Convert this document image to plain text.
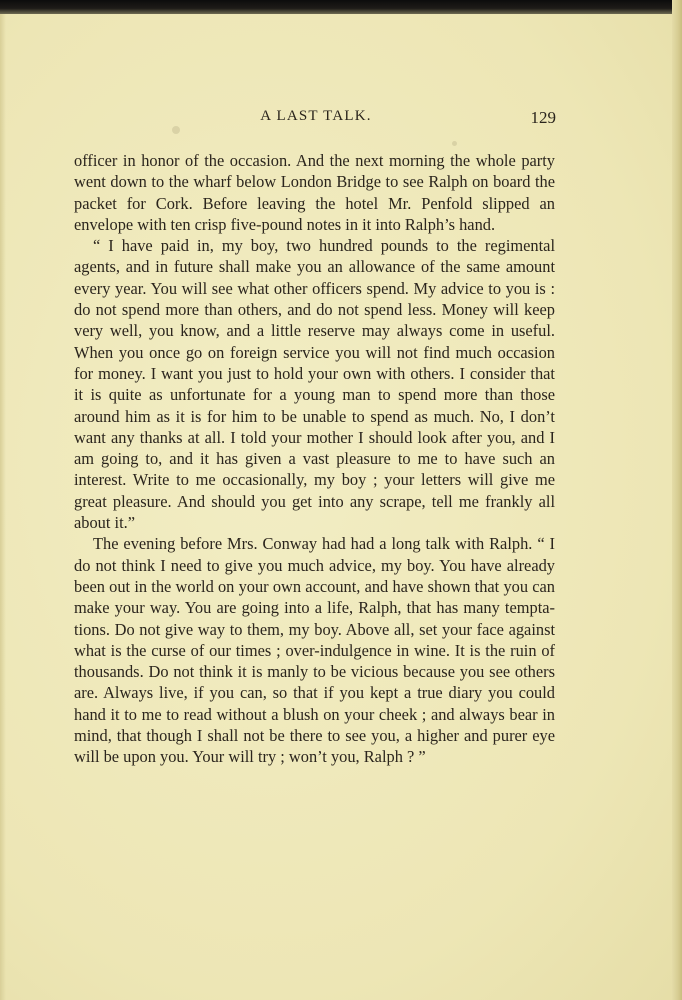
A LAST TALK.	129

officer in honor of the occasion. And the next morning the whole party went down to the wharf below London Bridge to see Ralph on board the packet for Cork. Before leaving the hotel Mr. Penfold slipped an envelope with ten crisp five-pound notes in it into Ralph’s hand.

“ I have paid in, my boy, two hundred pounds to the regimental agents, and in future shall make you an allowance of the same amount every year. You will see what other officers spend. My advice to you is : do not spend more than others, and do not spend less. Money will keep very well, you know, and a little reserve may always come in useful. When you once go on foreign service you will not find much occasion for money. I want you just to hold your own with others. I consider that it is quite as unfortunate for a young man to spend more than those around him as it is for him to be unable to spend as much. No, I don’t want any thanks at all. I told your mother I should look after you, and I am going to, and it has given a vast pleasure to me to have such an interest. Write to me occasionally, my boy ; your letters will give me great pleasure. And should you get into any scrape, tell me frankly all about it.”

The evening before Mrs. Conway had had a long talk with Ralph. “ I do not think I need to give you much advice, my boy. You have already been out in the world on your own account, and have shown that you can make your way. You are going into a life, Ralph, that has many temptations. Do not give way to them, my boy. Above all, set your face against what is the curse of our times ; over-indulgence in wine. It is the ruin of thousands. Do not think it is manly to be vicious because you see others are. Always live, if you can, so that if you kept a true diary you could hand it to me to read without a blush on your cheek ; and always bear in mind, that though I shall not be there to see you, a higher and purer eye will be upon you. Your will try ; won’t you, Ralph ? ”
